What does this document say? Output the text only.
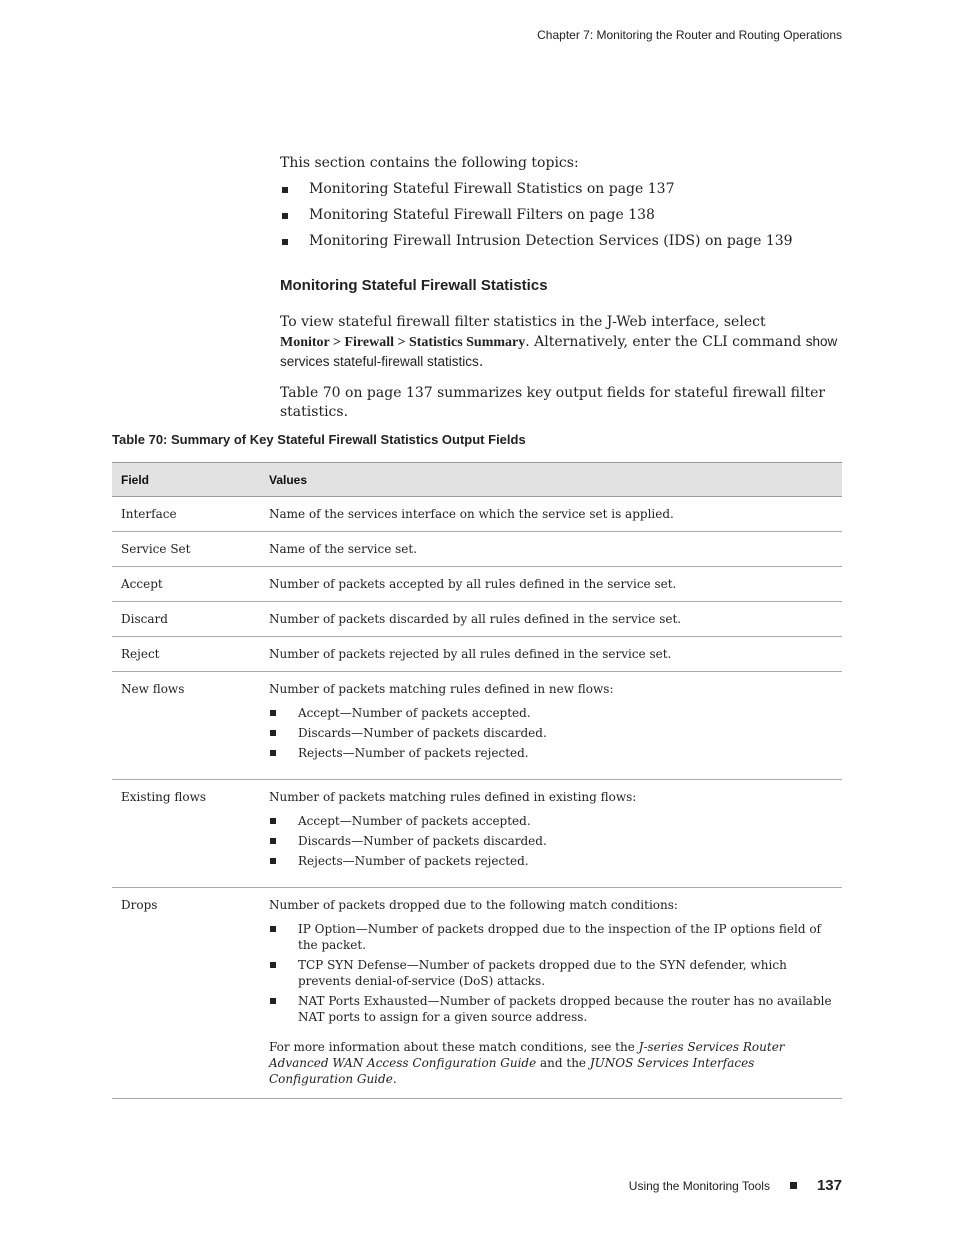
Chapter 7: Monitoring the Router and Routing Operations

This section contains the following topics:

Monitoring Stateful Firewall Statistics on page 137
Monitoring Stateful Firewall Filters on page 138
Monitoring Firewall Intrusion Detection Services (IDS) on page 139
Monitoring Stateful Firewall Statistics
To view stateful firewall filter statistics in the J-Web interface, select
Monitor > Firewall > Statistics Summary. Alternatively, enter the CLI command show
services stateful-firewall statistics.
Table 70 on page 137 summarizes key output fields for stateful firewall filter statistics.
Table 70: Summary of Key Stateful Firewall Statistics Output Fields
Field	Values
Interface	Name of the services interface on which the service set is applied.
Service Set	Name of the service set.
Accept	Number of packets accepted by all rules defined in the service set.
Discard	Number of packets discarded by all rules defined in the service set.
Reject	Number of packets rejected by all rules defined in the service set.
New flows	Number of packets matching rules defined in new flows:
Accept—Number of packets accepted.
Discards—Number of packets discarded.
Rejects—Number of packets rejected.

Existing flows	Number of packets matching rules defined in existing flows:
Accept—Number of packets accepted.
Discards—Number of packets discarded.
Rejects—Number of packets rejected.

Drops	Number of packets dropped due to the following match conditions:
IP Option—Number of packets dropped due to the inspection of the IP options field of the packet.
TCP SYN Defense—Number of packets dropped due to the SYN defender, which prevents denial-of-service (DoS) attacks.
NAT Ports Exhausted—Number of packets dropped because the router has no available NAT ports to assign for a given source address.
For more information about these match conditions, see the J-series Services Router Advanced WAN Access Configuration Guide and the JUNOS Services Interfaces Configuration Guide.
Using the Monitoring Tools	137
